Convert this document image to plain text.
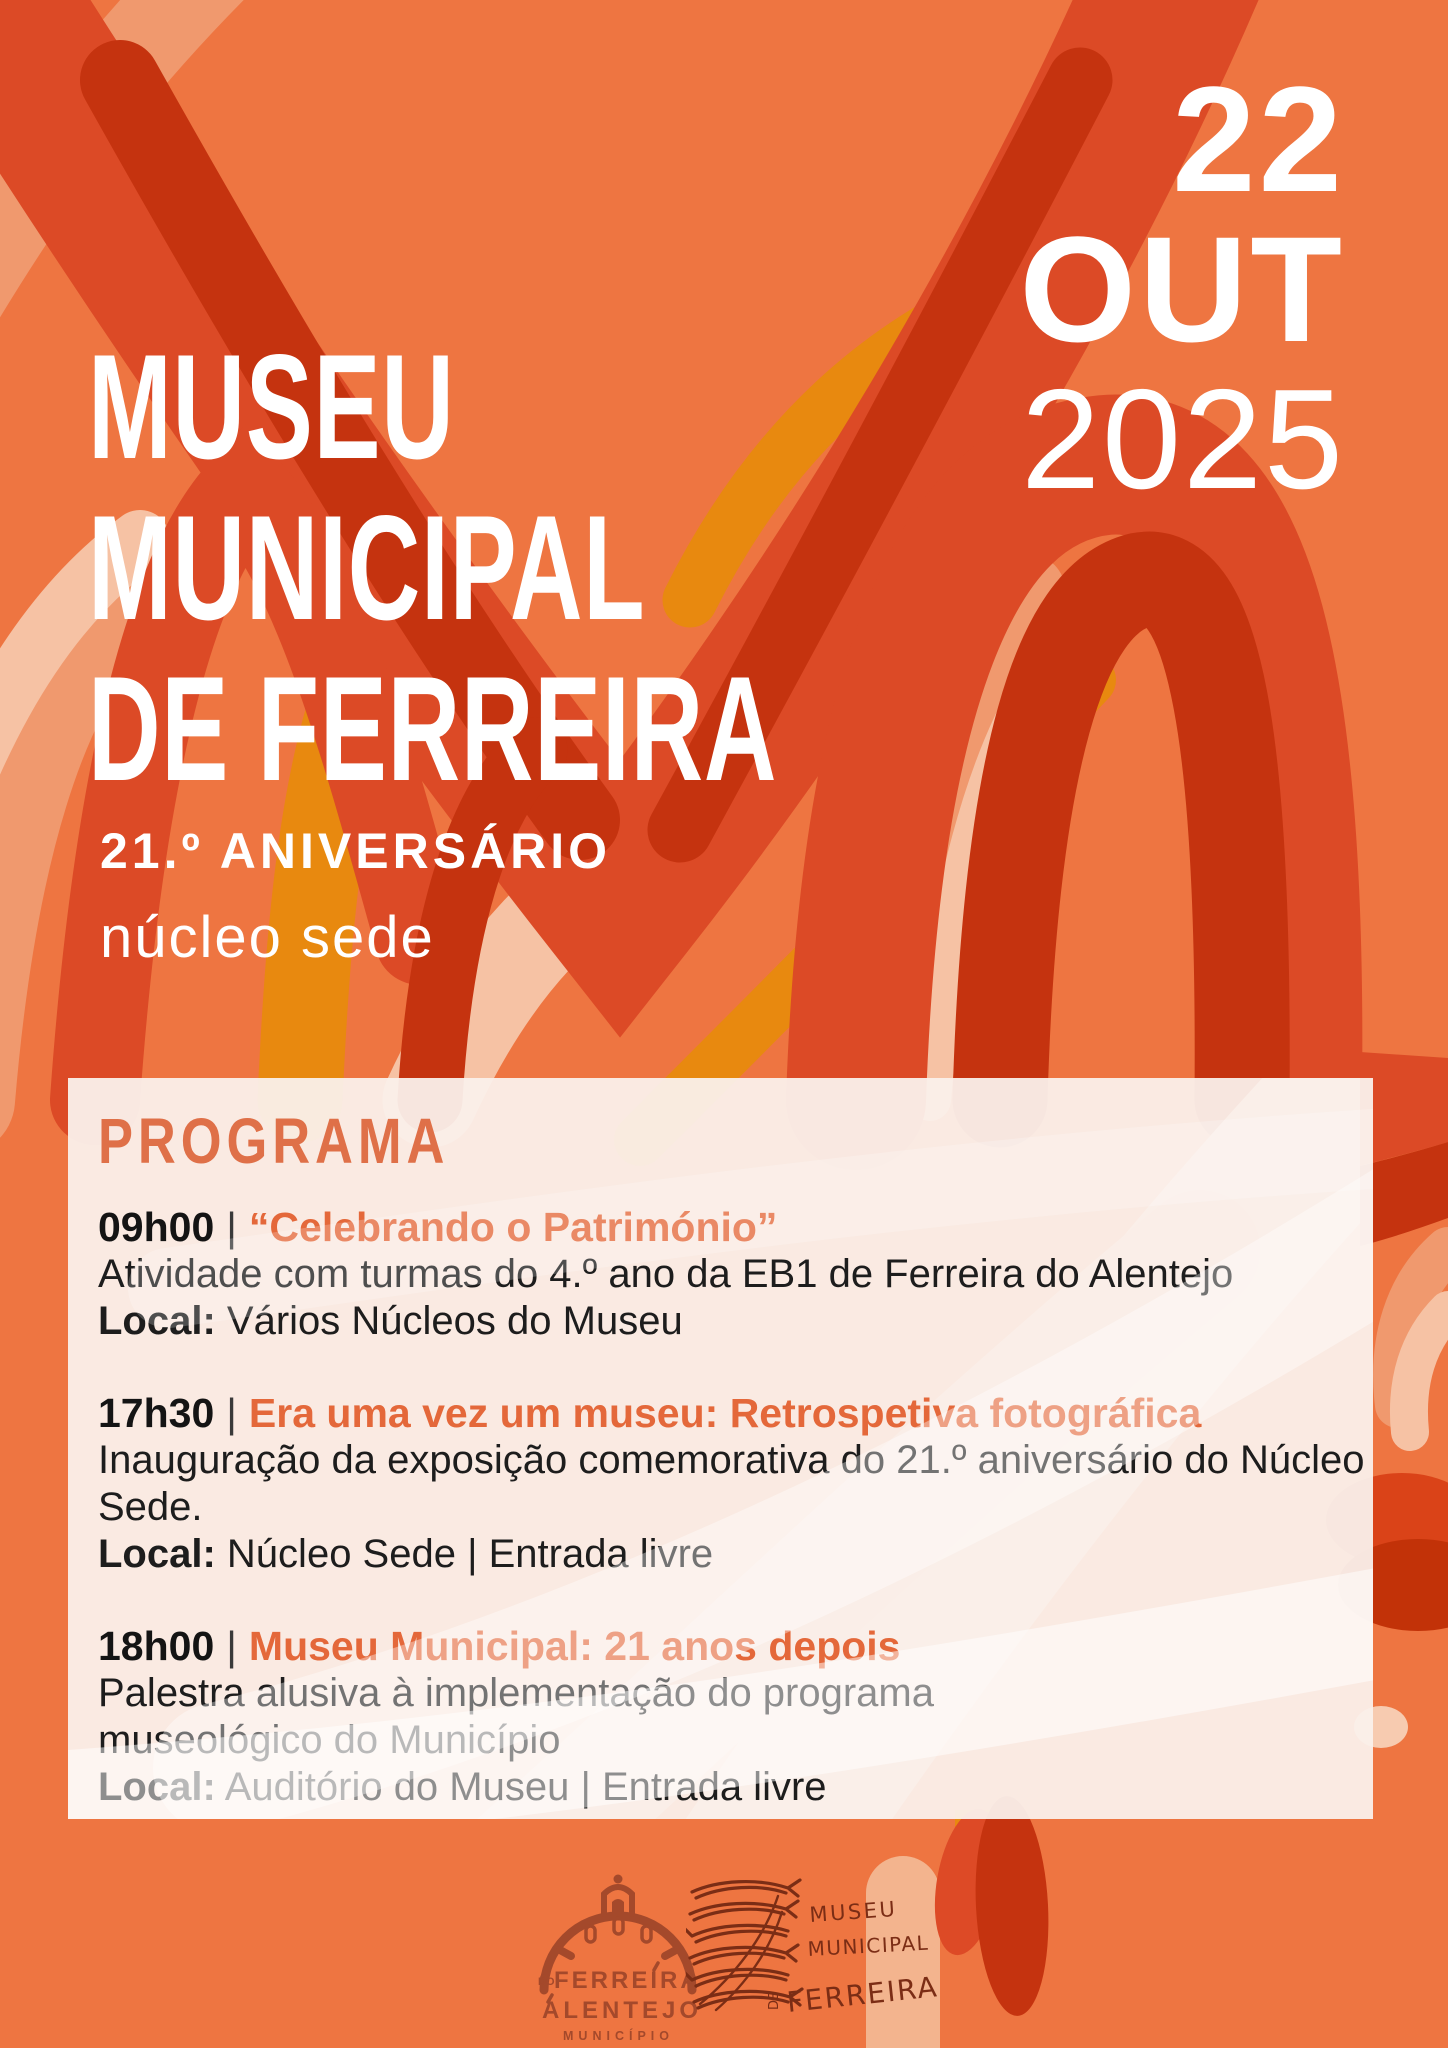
22
OUT
2025
MUSEU
MUNICIPAL
DE FERREIRA
21.º ANIVERSÁRIO
núcleo sede
PROGRAMA
09h00 | “Celebrando o Património”
Atividade com turmas do 4.º ano da EB1 de Ferreira do Alentejo
Local: Vários Núcleos do Museu
17h30 | Era uma vez um museu: Retrospetiva fotográfica
Inauguração da exposição comemorativa do 21.º aniversário do Núcleo
Sede.
Local: Núcleo Sede | Entrada livre
18h00 | Museu Municipal: 21 anos depois
Palestra alusiva à implementação do programa
museológico do Município
Local: Auditório do Museu | Entrada livre
DO FERREIRA
ALENTEJO
MUNICÍPIO
MUSEU
MUNICIPAL
DE FERREIRA
